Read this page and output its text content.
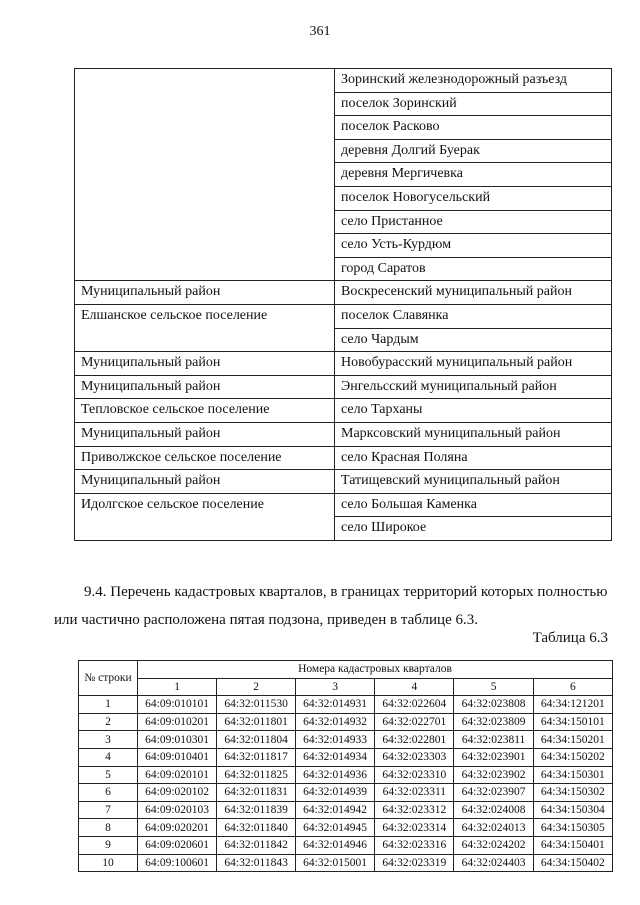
361
	Зоринский железнодорожный разъезд
	поселок Зоринский
	поселок Расково
	деревня Долгий Буерак
	деревня Мергичевка
	поселок Новогусельский
	село Пристанное
	село Усть-Курдюм
	город Саратов
Муниципальный район	Воскресенский муниципальный район
Елшанское сельское поселение	поселок Славянка
	село Чардым
Муниципальный район	Новобурасский муниципальный район
Муниципальный район	Энгельсский муниципальный район
Тепловское сельское поселение	село Тарханы
Муниципальный район	Марксовский муниципальный район
Приволжское сельское поселение	село Красная Поляна
Муниципальный район	Татищевский муниципальный район
Идолгское сельское поселение	село Большая Каменка
	село Широкое
9.4. Перечень кадастровых кварталов, в границах территорий которых полностью
или частично расположена пятая подзона, приведен в таблице 6.3.
Таблица 6.3
№ строки	Номера кадастровых кварталов					
	1	2	3	4	5	6
1	64:09:010101	64:32:011530	64:32:014931	64:32:022604	64:32:023808	64:34:121201
2	64:09:010201	64:32:011801	64:32:014932	64:32:022701	64:32:023809	64:34:150101
3	64:09:010301	64:32:011804	64:32:014933	64:32:022801	64:32:023811	64:34:150201
4	64:09:010401	64:32:011817	64:32:014934	64:32:023303	64:32:023901	64:34:150202
5	64:09:020101	64:32:011825	64:32:014936	64:32:023310	64:32:023902	64:34:150301
6	64:09:020102	64:32:011831	64:32:014939	64:32:023311	64:32:023907	64:34:150302
7	64:09:020103	64:32:011839	64:32:014942	64:32:023312	64:32:024008	64:34:150304
8	64:09:020201	64:32:011840	64:32:014945	64:32:023314	64:32:024013	64:34:150305
9	64:09:020601	64:32:011842	64:32:014946	64:32:023316	64:32:024202	64:34:150401
10	64:09:100601	64:32:011843	64:32:015001	64:32:023319	64:32:024403	64:34:150402
